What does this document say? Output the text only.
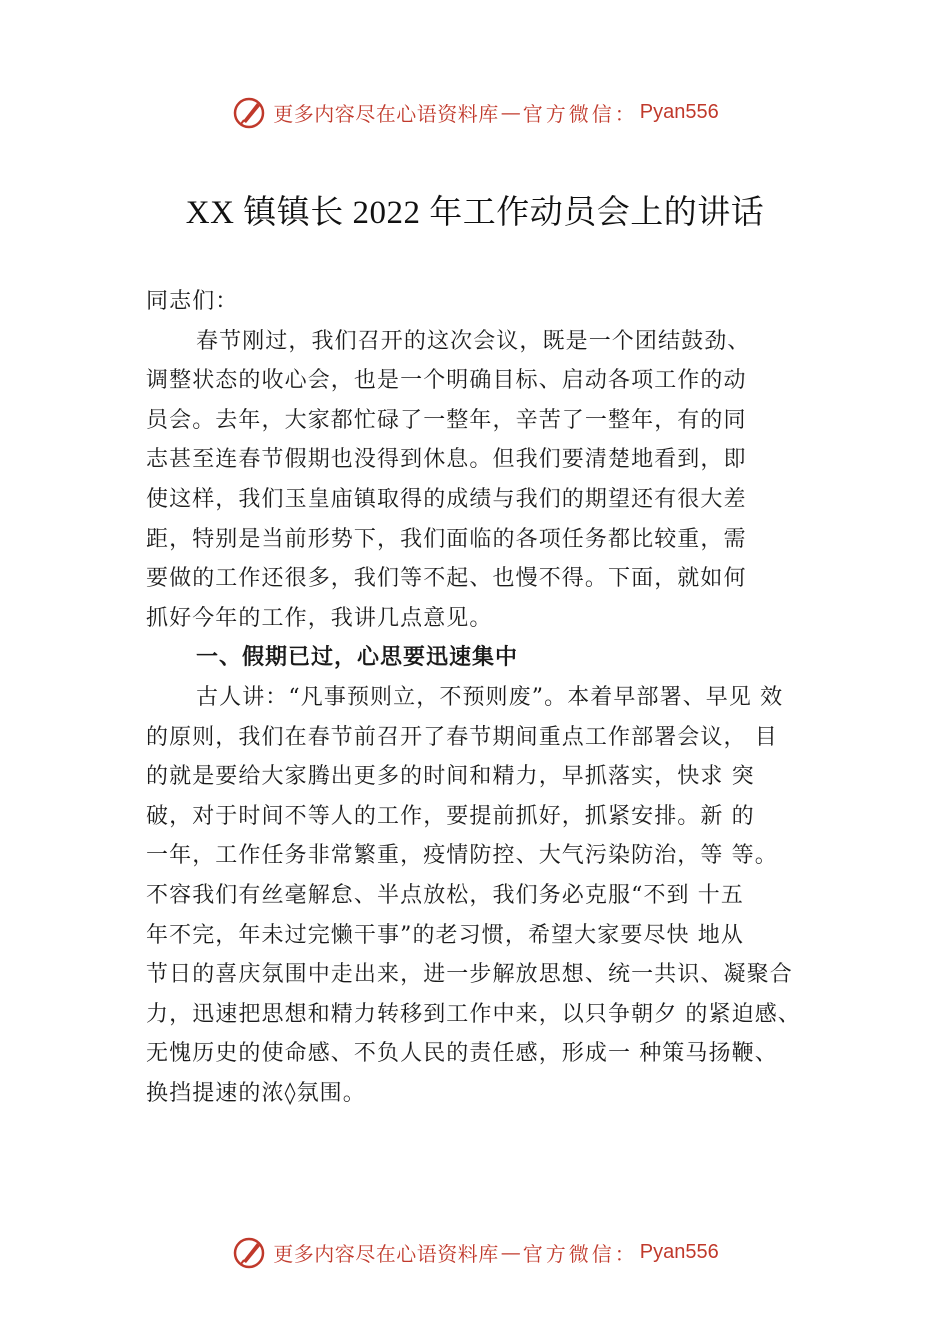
更多内容尽在心语资料库 — 官方微信： Pyan556
XX 镇镇长 2022 年工作动员会上的讲话
同志们：
春节刚过，我们召开的这次会议，既是一个团结鼓劲、
调整状态的收心会，也是一个明确目标、启动各项工作的动
员会。去年，大家都忙碌了一整年，辛苦了一整年，有的同
志甚至连春节假期也没得到休息。但我们要清楚地看到，即
使这样，我们玉皇庙镇取得的成绩与我们的期望还有很大差
距，特别是当前形势下，我们面临的各项任务都比较重，需
要做的工作还很多，我们等不起、也慢不得。下面，就如何
抓好今年的工作，我讲几点意见。
一、假期已过，心思要迅速集中
古人讲：“凡事预则立，不预则废”。本着早部署、早见 效
的原则，我们在春节前召开了春节期间重点工作部署会议， 目
的就是要给大家腾出更多的时间和精力，早抓落实，快求 突
破，对于时间不等人的工作，要提前抓好，抓紧安排。新 的
一年，工作任务非常繁重，疫情防控、大气污染防治，等 等。
不容我们有丝毫解怠、半点放松，我们务必克服“不到 十五
年不完，年未过完懒干事”的老习惯，希望大家要尽快 地从
节日的喜庆氛围中走出来，进一步解放思想、统一共识、凝聚合
力，迅速把思想和精力转移到工作中来，以只争朝夕 的紧迫感、
无愧历史的使命感、不负人民的责任感，形成一 种策马扬鞭、
换挡提速的浓◊氛围。
更多内容尽在心语资料库 — 官方微信： Pyan556
